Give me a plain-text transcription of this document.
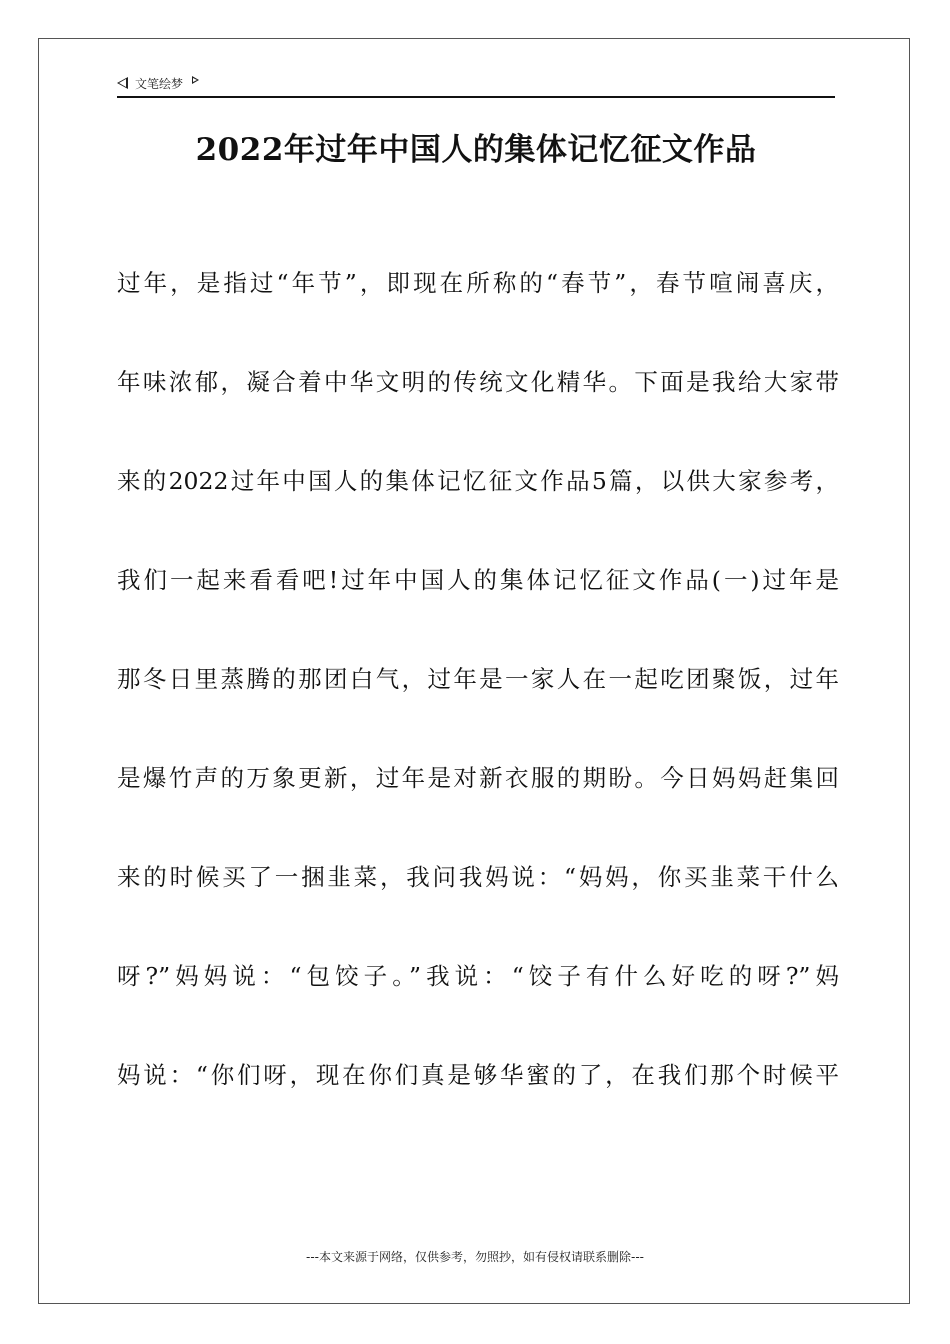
文笔绘梦
2022年过年中国人的集体记忆征文作品
过年，是指过“年节”，即现在所称的“春节”，春节喧闹喜庆，
年味浓郁，凝合着中华文明的传统文化精华。下面是我给大家带
来的2022过年中国人的集体记忆征文作品5篇，以供大家参考，
我们一起来看看吧!过年中国人的集体记忆征文作品(一)过年是
那冬日里蒸腾的那团白气，过年是一家人在一起吃团聚饭，过年
是爆竹声的万象更新，过年是对新衣服的期盼。今日妈妈赶集回
来的时候买了一捆韭菜，我问我妈说：“妈妈，你买韭菜干什么
呀?”妈妈说：“包饺子。”我说：“饺子有什么好吃的呀?”妈
妈说：“你们呀，现在你们真是够华蜜的了，在我们那个时候平
---本文来源于网络，仅供参考，勿照抄，如有侵权请联系删除---
